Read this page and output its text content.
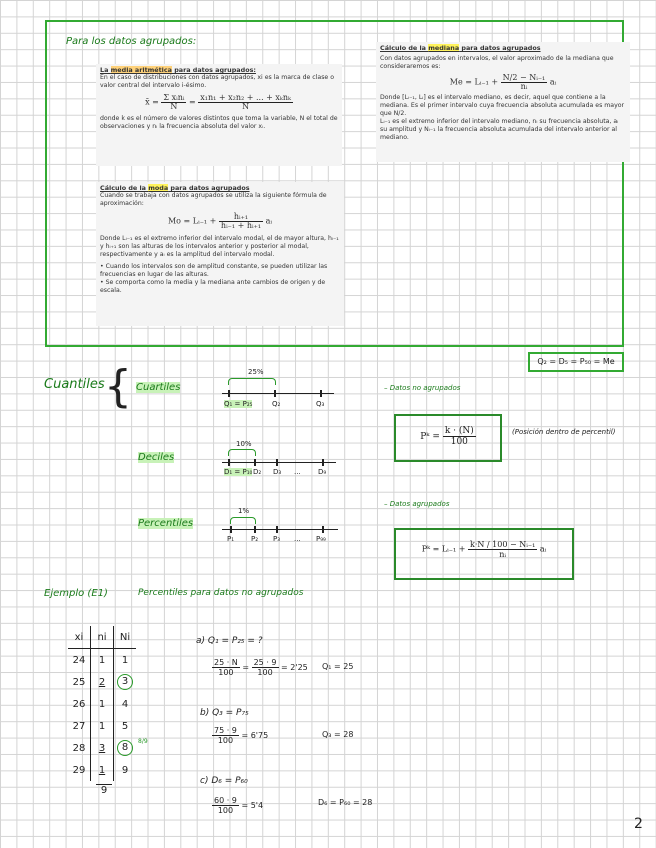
Para los datos agrupados:
La media aritmética para datos agrupados:
En el caso de distribuciones con datos agrupados, xi es la marca de clase o valor central del intervalo i-ésimo.
x̄ = $\frac{\text{Σ xᵢnᵢ}}{N} = \frac{\text{x₁n₁ + x₂n₂ + ... + xₖnₖ}}{N}$
donde k es el número de valores distintos que toma la variable, N el total de observaciones y nᵢ la frecuencia absoluta del valor xᵢ.
Cálculo de la mediana para datos agrupados
Con datos agrupados en intervalos, el valor aproximado de la mediana que consideraremos es:
Me = Lᵢ₋₁ + $\frac{\text{N/2 − Nᵢ₋₁}}{\text{nᵢ}}$ aᵢ
Donde [Lᵢ₋₁, Lᵢ] es el intervalo mediano, es decir, aquel que contiene a la mediana. Es el primer intervalo cuya frecuencia absoluta acumulada es mayor que N/2.
Lᵢ₋₁ es el extremo inferior del intervalo mediano, nᵢ su frecuencia absoluta, aᵢ su amplitud y Nᵢ₋₁ la frecuencia absoluta acumulada del intervalo anterior al mediano.
Cálculo de la moda para datos agrupados
Cuando se trabaja con datos agrupados se utiliza la siguiente fórmula de aproximación:
Mo = Lᵢ₋₁ + $\frac{\text{hᵢ₊₁}}{\text{hᵢ₋₁ + hᵢ₊₁}}$ aᵢ
Donde Lᵢ₋₁ es el extremo inferior del intervalo modal, el de mayor altura, hᵢ₋₁ y hᵢ₊₁ son las alturas de los intervalos anterior y posterior al modal, respectivamente y aᵢ es la amplitud del intervalo modal.
• Cuando los intervalos son de amplitud constante, se pueden utilizar las frecuencias en lugar de las alturas.
• Se comporta como la media y la mediana ante cambios de origen y de escala.
Q₂ = D₅ = P₅₀ = Me
Cuantiles { Cuartiles
25%
Q₁ = P₂₅	Q₂	Q₃
Deciles
10%
D₁ = P₁₀ D₂ D₃ ... D₉
Percentiles
1%
P₁ P₂ P₃ ... P₉₉
– Datos no agrupados
Pᵏ = $\frac{k \cdot (N)}{100}$	(Posición dentro de percentil)
– Datos agrupados
Pᵏ = Lᵢ₋₁ + $\frac{\text{k·N / 100 − Nᵢ₋₁}}{\text{nᵢ}}$ aᵢ
Ejemplo (E1)	Percentiles para datos no agrupados
xi	ni	Ni
24	1	1
25	2	3
26	1	4
27	1	5
28	3	8
29	1	9
9
8/9
a) Q₁ = P₂₅ = ?
$\frac{25 \cdot N}{100} = \frac{25 \cdot 9}{100} = 2'25$ Q₁ = 25
b) Q₃ = P₇₅
$\frac{75 \cdot 9}{100} = 6'75$	Q₃ = 28
c) D₆ = P₆₀
$\frac{60 \cdot 9}{100} = 5'4$	D₆ = P₆₀ = 28
2
